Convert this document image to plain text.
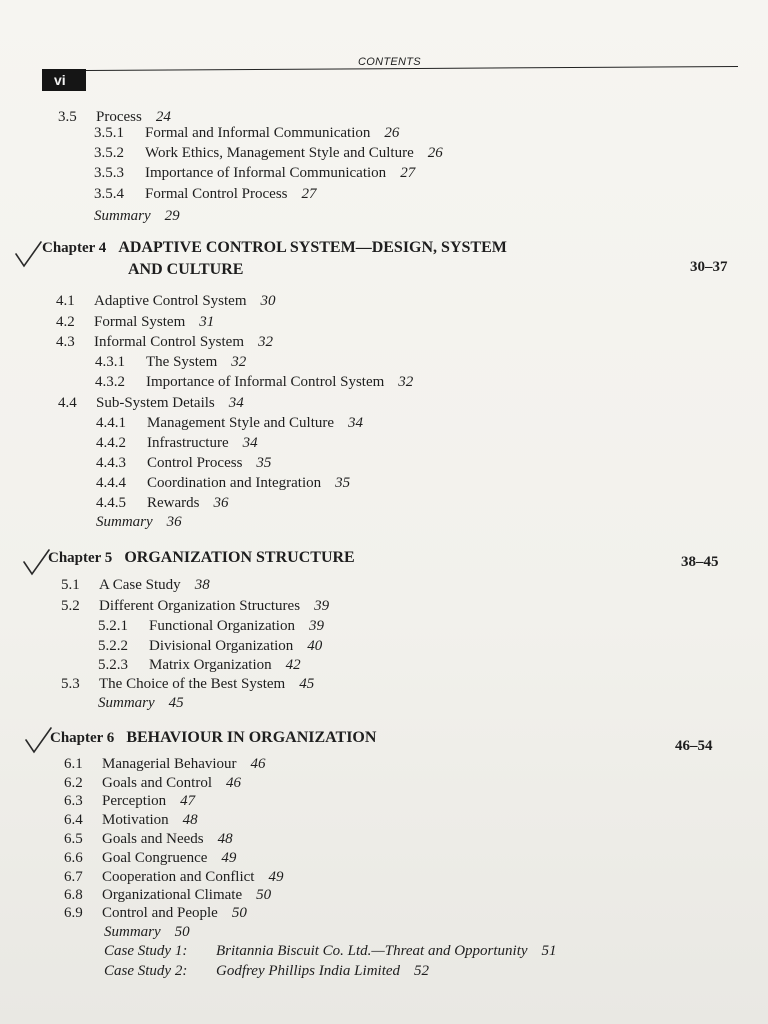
vi
CONTENTS
3.5 Process 24
3.5.1 Formal and Informal Communication 26
3.5.2 Work Ethics, Management Style and Culture 26
3.5.3 Importance of Informal Communication 27
3.5.4 Formal Control Process 27
Summary 29
Chapter 4 ADAPTIVE CONTROL SYSTEM—DESIGN, SYSTEM
AND CULTURE	30–37
4.1 Adaptive Control System 30
4.2 Formal System 31
4.3 Informal Control System 32
4.3.1 The System 32
4.3.2 Importance of Informal Control System 32
4.4 Sub-System Details 34
4.4.1 Management Style and Culture 34
4.4.2 Infrastructure 34
4.4.3 Control Process 35
4.4.4 Coordination and Integration 35
4.4.5 Rewards 36
Summary 36
Chapter 5 ORGANIZATION STRUCTURE	38–45
5.1 A Case Study 38
5.2 Different Organization Structures 39
5.2.1 Functional Organization 39
5.2.2 Divisional Organization 40
5.2.3 Matrix Organization 42
5.3 The Choice of the Best System 45
Summary 45
Chapter 6 BEHAVIOUR IN ORGANIZATION	46–54
6.1 Managerial Behaviour 46
6.2 Goals and Control 46
6.3 Perception 47
6.4 Motivation 48
6.5 Goals and Needs 48
6.6 Goal Congruence 49
6.7 Cooperation and Conflict 49
6.8 Organizational Climate 50
6.9 Control and People 50
Summary 50
Case Study 1: Britannia Biscuit Co. Ltd.—Threat and Opportunity 51
Case Study 2: Godfrey Phillips India Limited 52
